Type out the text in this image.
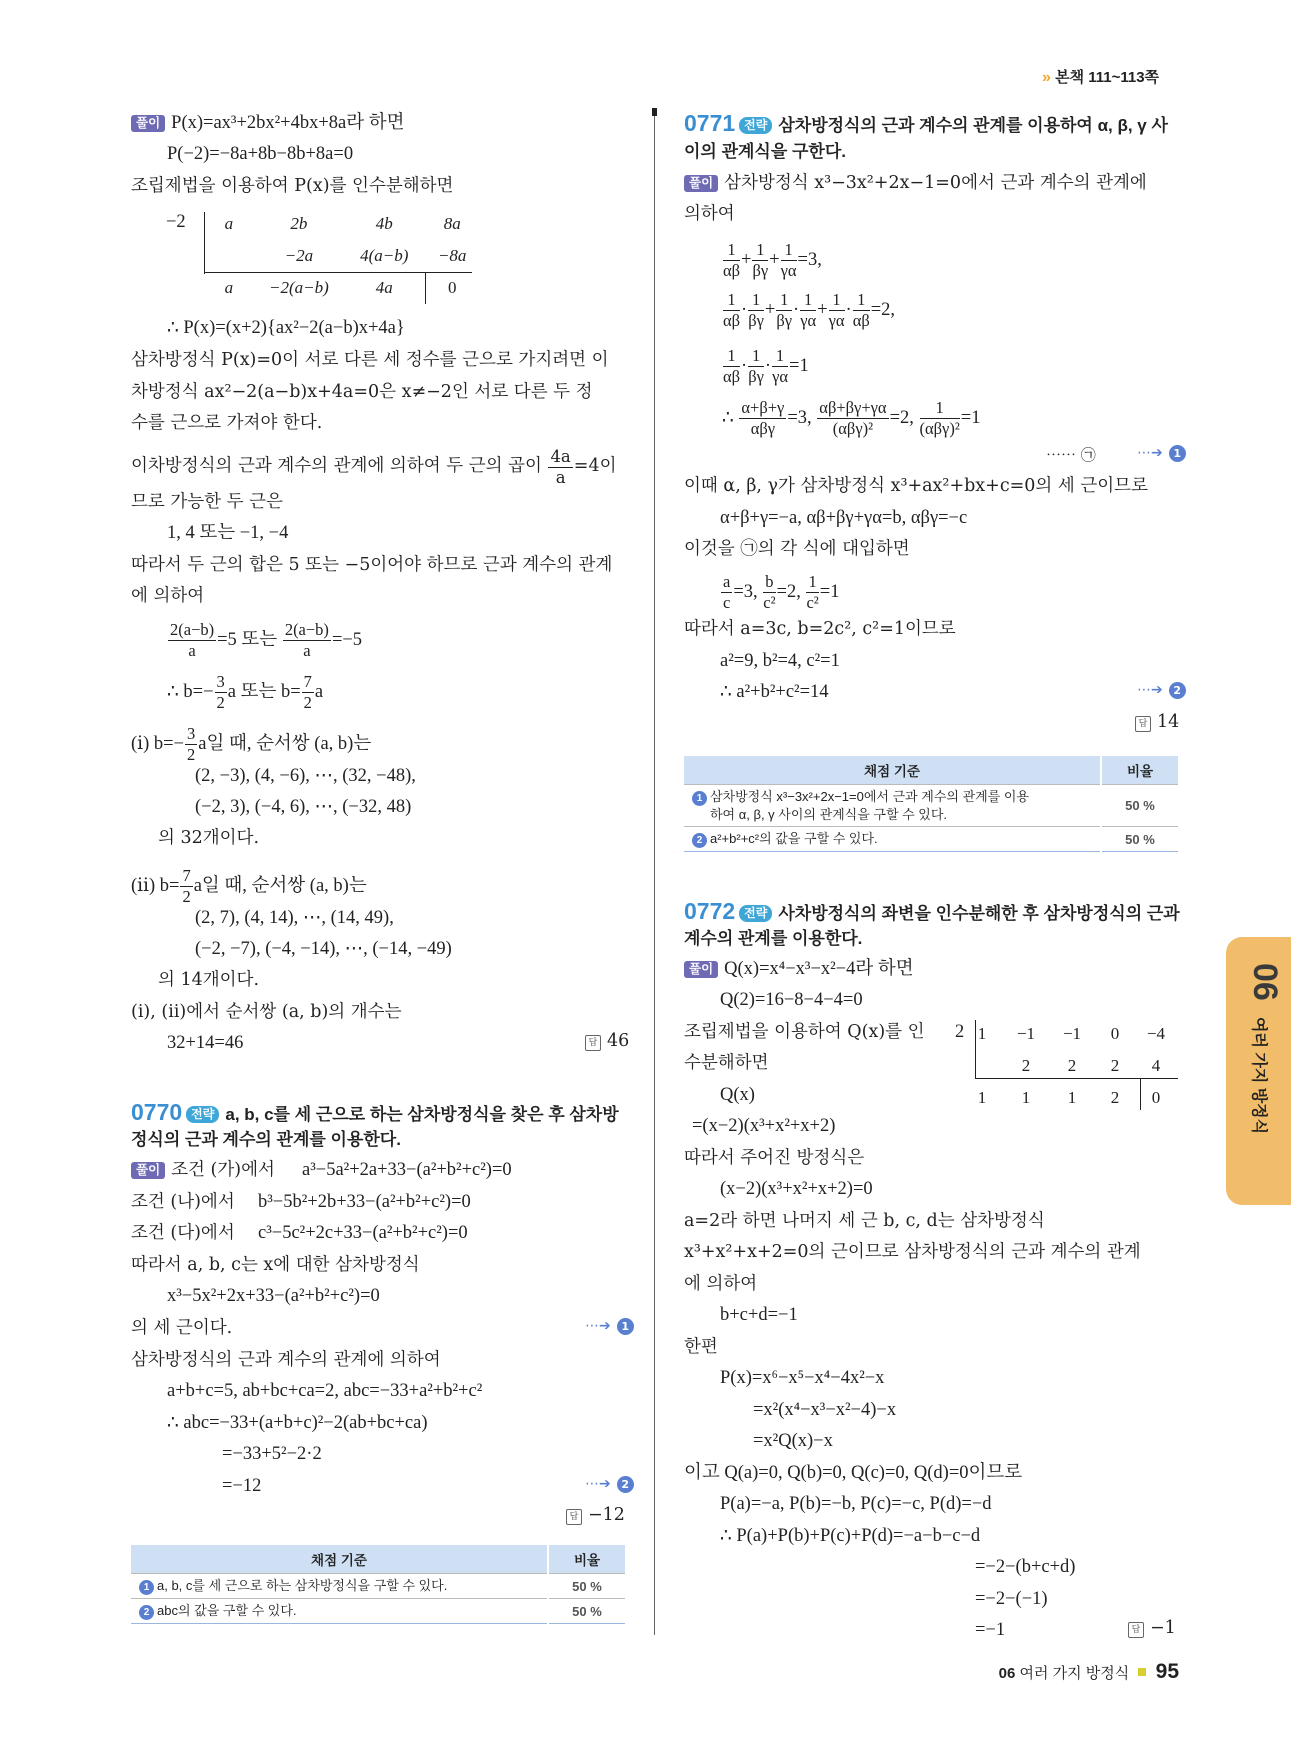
» 본책 111~113쪽
풀이 P(x)=ax³+2bx²+4bx+8a라 하면
P(−2)=−8a+8b−8b+8a=0
조립제법을 이용하여 P(x)를 인수분해하면
−2 a	2b	4b	8a
	−2a	4(a−b)	−8a
a	−2(a−b)	4a	0
∴ P(x)=(x+2){ax²−2(a−b)x+4a}
삼차방정식 P(x)=0이 서로 다른 세 정수를 근으로 가지려면 이
차방정식 ax²−2(a−b)x+4a=0은 x≠−2인 서로 다른 두 정
수를 근으로 가져야 한다.
이차방정식의 근과 계수의 관계에 의하여 두 근의 곱이 $\frac{4a}{a} =4$이
므로 가능한 두 근은
1, 4 또는 −1, −4
따라서 두 근의 합은 5 또는 −5이어야 하므로 근과 계수의 관계
에 의하여
$\frac{2(a-b)}{a} =5$ 또는 $\frac{2(a-b)}{a} =-5$
∴ $b=- \frac{3}{2}$ a 또는 $b= \frac{7}{2}$ a
(ⅰ) $b=- \frac{3}{2}$ a일 때, 순서쌍 (a, b)는
(2, −3), (4, −6), ⋯, (32, −48),
(−2, 3), (−4, 6), ⋯, (−32, 48)
의 32개이다.
(ⅱ) $b= \frac{7}{2}$ a일 때, 순서쌍 (a, b)는
(2, 7), (4, 14), ⋯, (14, 49),
(−2, −7), (−4, −14), ⋯, (−14, −49)
의 14개이다.
(ⅰ), (ⅱ)에서 순서쌍 (a, b)의 개수는
32+14=46	답 46
0770 전략 a, b, c를 세 근으로 하는 삼차방정식을 찾은 후 삼차방
정식의 근과 계수의 관계를 이용한다.
풀이 조건 (가)에서 a³−5a²+2a+33−(a²+b²+c²)=0
조건 (나)에서 b³−5b²+2b+33−(a²+b²+c²)=0
조건 (다)에서 c³−5c²+2c+33−(a²+b²+c²)=0
따라서 a, b, c는 x에 대한 삼차방정식
x³−5x²+2x+33−(a²+b²+c²)=0
의 세 근이다.	⋯➔ 1
삼차방정식의 근과 계수의 관계에 의하여
a+b+c=5, ab+bc+ca=2, abc=−33+a²+b²+c²
∴ abc=−33+(a+b+c)²−2(ab+bc+ca)
=−33+5²−2·2
=−12	⋯➔ 2
답 −12
채점 기준	비율
1 a, b, c를 세 근으로 하는 삼차방정식을 구할 수 있다.	50 %
2 abc의 값을 구할 수 있다.	50 %
0771 전략 삼차방정식의 근과 계수의 관계를 이용하여 α, β, γ 사
이의 관계식을 구한다.
풀이 삼차방정식 x³−3x²+2x−1=0에서 근과 계수의 관계에
의하여
$\frac{1}{\alpha\beta} + \frac{1}{\beta\gamma} + \frac{1}{\gamma\alpha} =3$,
$\frac{1}{\alpha\beta} \cdot \frac{1}{\beta\gamma} + \frac{1}{\beta\gamma} \cdot \frac{1}{\gamma\alpha} + \frac{1}{\gamma\alpha} \cdot \frac{1}{\alpha\beta} =2$,
$\frac{1}{\alpha\beta} \cdot \frac{1}{\beta\gamma} \cdot \frac{1}{\gamma\alpha} =1$
∴ $\frac{\alpha+\beta+\gamma}{\text{αβγ}} =3$, $\frac{\alpha\beta+\beta\gamma+\gamma\alpha}{\text{(αβγ)²}} =2$, $\frac{1}{\text{(αβγ)²}} =1$
⋯⋯ ㉠	⋯➔ 1
이때 α, β, γ가 삼차방정식 x³+ax²+bx+c=0의 세 근이므로
α+β+γ=−a, αβ+βγ+γα=b, αβγ=−c
이것을 ㉠의 각 식에 대입하면
$\frac{a}{c} =3$, $\frac{b}{\text{c²}} =2$, $\frac{1}{\text{c²}} =1$
따라서 a=3c, b=2c², c²=1이므로
a²=9, b²=4, c²=1
∴ a²+b²+c²=14	⋯➔ 2
답 14
채점 기준	비율
1 삼차방정식 x³−3x²+2x−1=0에서 근과 계수의 관계를 이용
하여 α, β, γ 사이의 관계식을 구할 수 있다.	50 %
2 a²+b²+c²의 값을 구할 수 있다.	50 %
0772 전략 사차방정식의 좌변을 인수분해한 후 삼차방정식의 근과
계수의 관계를 이용한다.
풀이 Q(x)=x⁴−x³−x²−4라 하면
Q(2)=16−8−4−4=0
조립제법을 이용하여 Q(x)를 인
수분해하면
Q(x)
2 1	−1	−1	0	−4
	2	2	2	4
1	1	1	2	0
=(x−2)(x³+x²+x+2)
따라서 주어진 방정식은
(x−2)(x³+x²+x+2)=0
a=2라 하면 나머지 세 근 b, c, d는 삼차방정식
x³+x²+x+2=0의 근이므로 삼차방정식의 근과 계수의 관계
에 의하여
b+c+d=−1
한편
P(x)=x⁶−x⁵−x⁴−4x²−x
=x²(x⁴−x³−x²−4)−x
=x²Q(x)−x
이고 Q(a)=0, Q(b)=0, Q(c)=0, Q(d)=0이므로
P(a)=−a, P(b)=−b, P(c)=−c, P(d)=−d
∴ P(a)+P(b)+P(c)+P(d)=−a−b−c−d
=−2−(b+c+d)
=−2−(−1)
=−1	답 −1
06
여러 가지 방정식
06 여러 가지 방정식 95
